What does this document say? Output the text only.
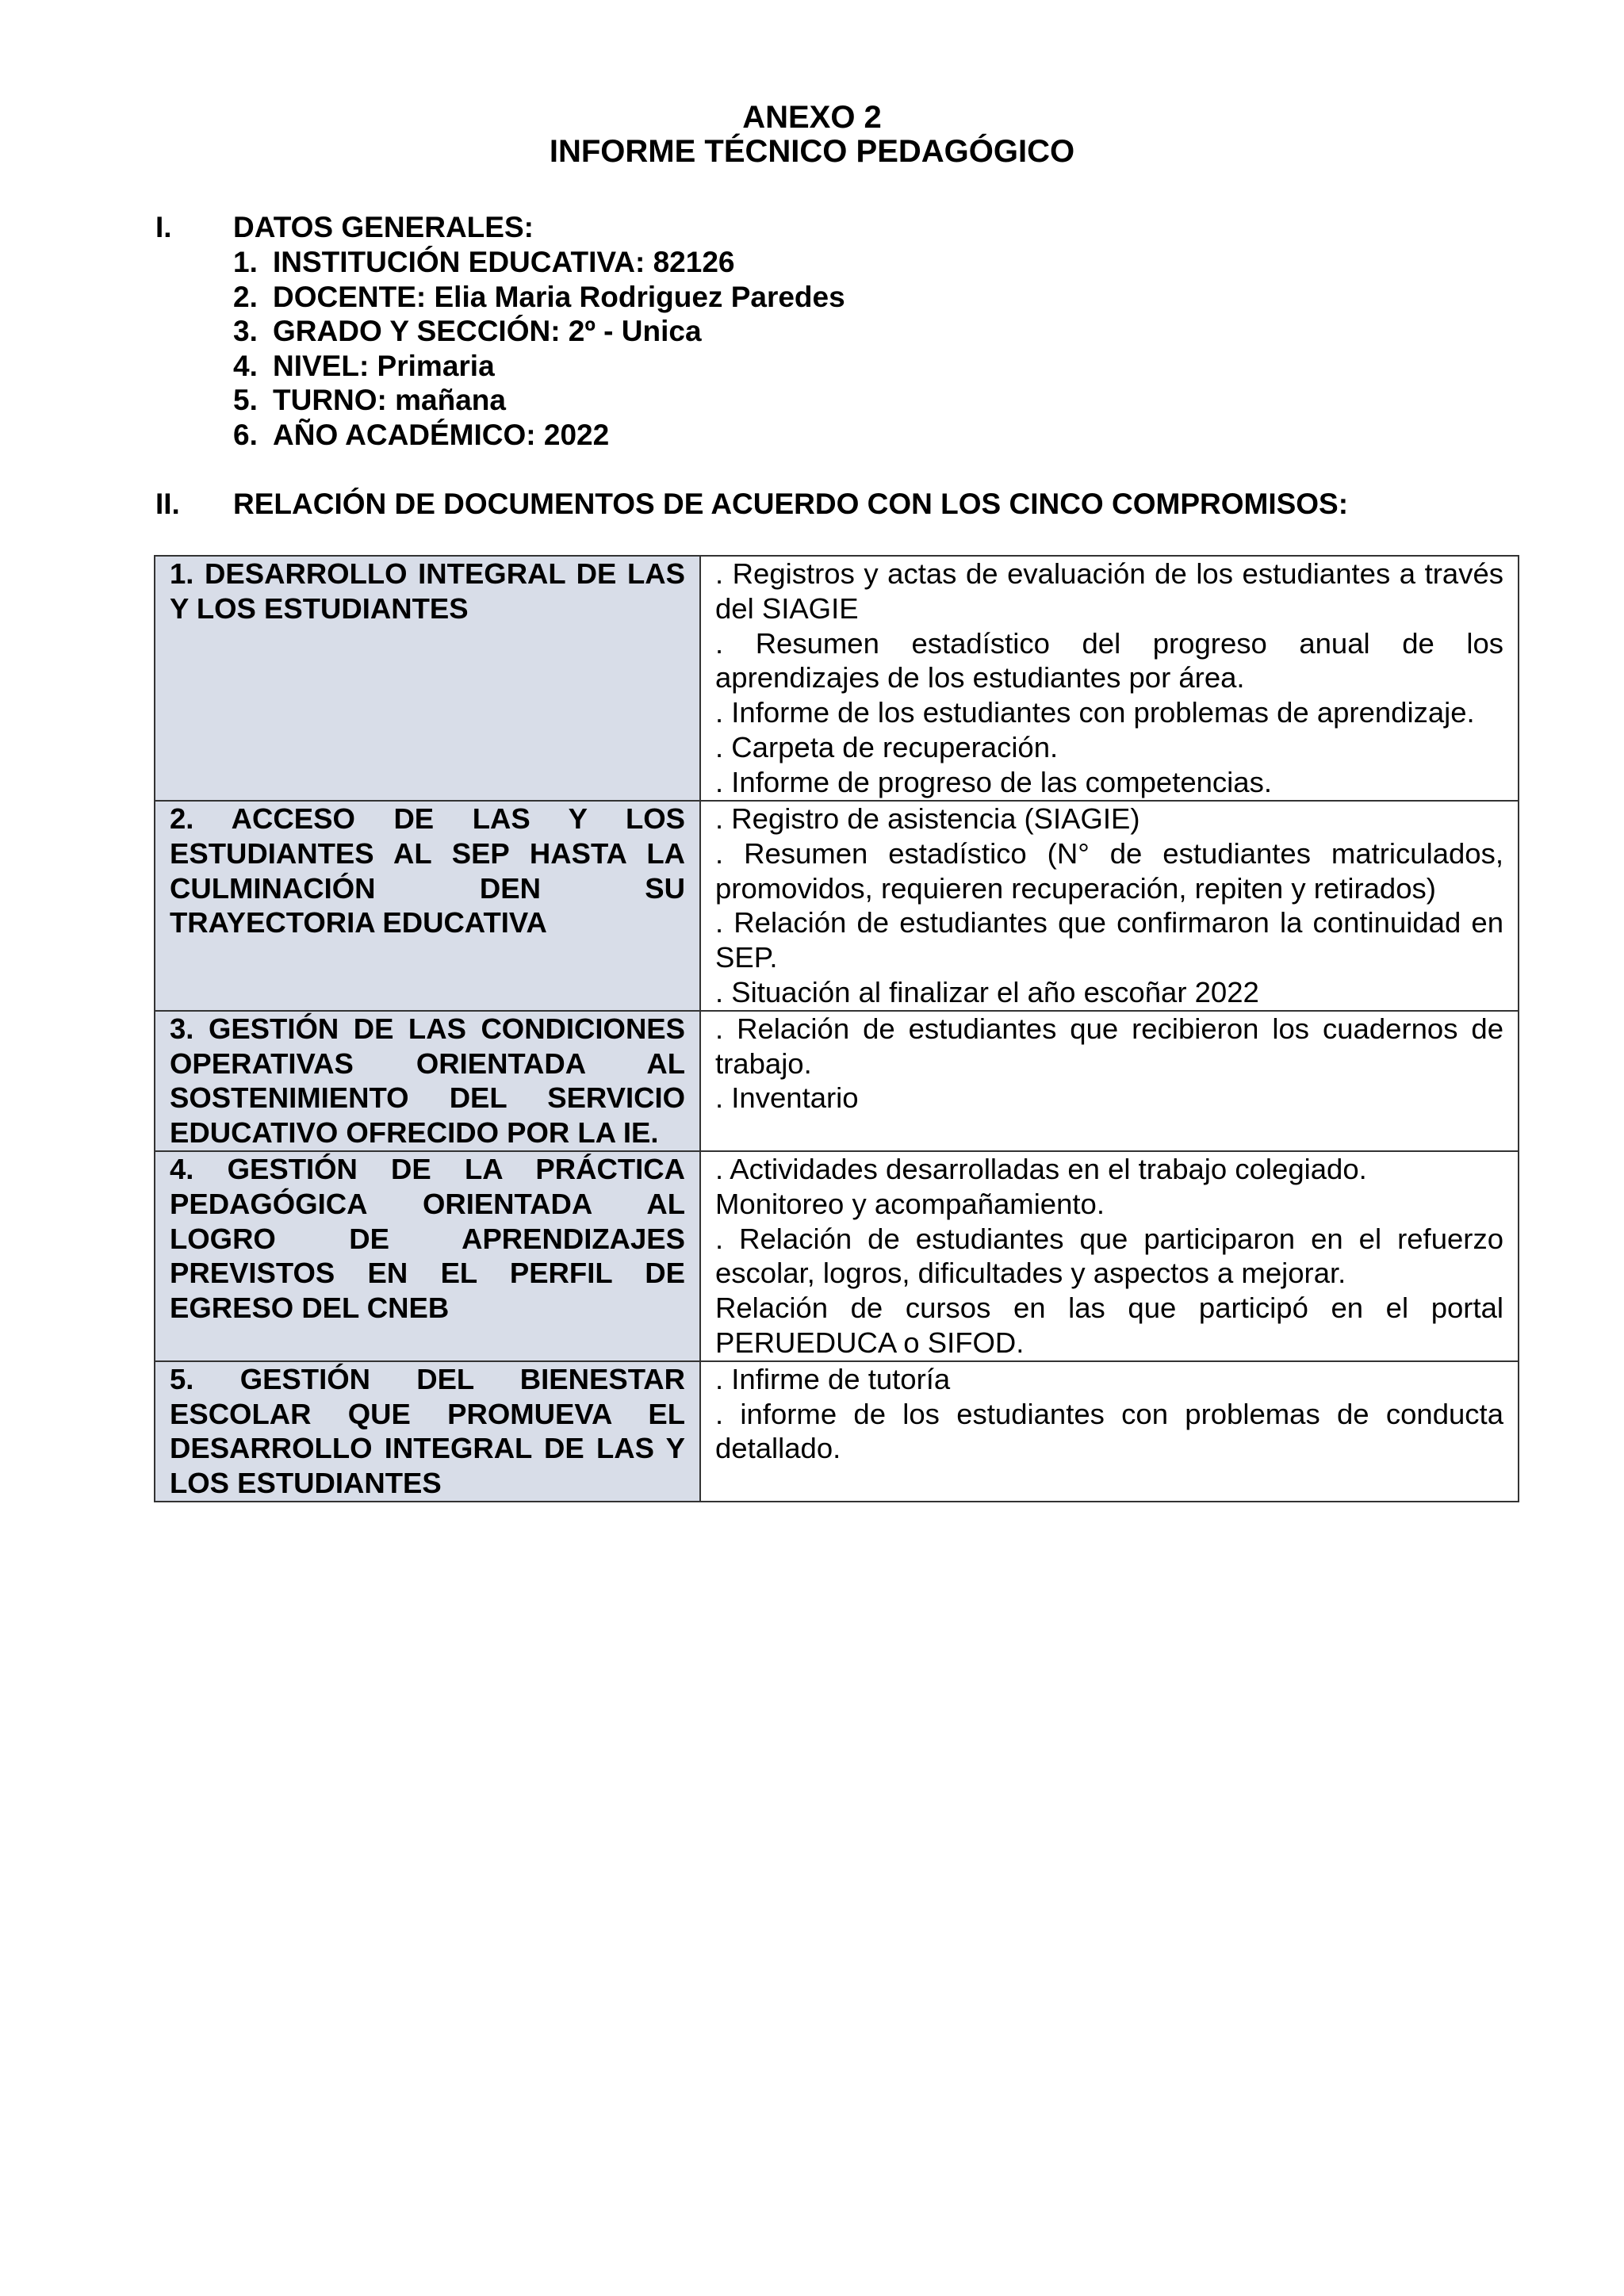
ANEXO 2
INFORME TÉCNICO PEDAGÓGICO
I. DATOS GENERALES:
1. INSTITUCIÓN EDUCATIVA: 82126
2. DOCENTE: Elia Maria Rodriguez Paredes
3. GRADO Y SECCIÓN: 2º - Unica
4. NIVEL: Primaria
5. TURNO: mañana
6. AÑO ACADÉMICO: 2022
II. RELACIÓN DE DOCUMENTOS DE ACUERDO CON LOS CINCO COMPROMISOS:
1. DESARROLLO INTEGRAL DE LAS Y LOS ESTUDIANTES	. Registros y actas de evaluación de los estudiantes a través del SIAGIE
. Resumen estadístico del progreso anual de los aprendizajes de los estudiantes por área.
. Informe de los estudiantes con problemas de aprendizaje.
. Carpeta de recuperación.
. Informe de progreso de las competencias.

2. ACCESO DE LAS Y LOS ESTUDIANTES AL SEP HASTA LA CULMINACIÓN DEN SU TRAYECTORIA EDUCATIVA	. Registro de asistencia (SIAGIE)
. Resumen estadístico (N° de estudiantes matriculados, promovidos, requieren recuperación, repiten y retirados)
. Relación de estudiantes que confirmaron la continuidad en SEP.
. Situación al finalizar el año escoñar 2022

3. GESTIÓN DE LAS CONDICIONES OPERATIVAS ORIENTADA AL SOSTENIMIENTO DEL SERVICIO EDUCATIVO OFRECIDO POR LA IE.	. Relación de estudiantes que recibieron los cuadernos de trabajo.
. Inventario

4. GESTIÓN DE LA PRÁCTICA PEDAGÓGICA ORIENTADA AL LOGRO DE APRENDIZAJES PREVISTOS EN EL PERFIL DE EGRESO DEL CNEB	. Actividades desarrolladas en el trabajo colegiado.
Monitoreo y acompañamiento.
. Relación de estudiantes que participaron en el refuerzo escolar, logros, dificultades y aspectos a mejorar.
Relación de cursos en las que participó en el portal PERUEDUCA o SIFOD.

5. GESTIÓN DEL BIENESTAR ESCOLAR QUE PROMUEVA EL DESARROLLO INTEGRAL DE LAS Y LOS ESTUDIANTES	. Infirme de tutoría
. informe de los estudiantes con problemas de conducta detallado.
